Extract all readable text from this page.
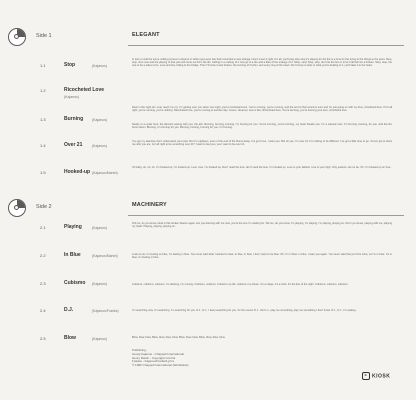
Side 1
1.1	Stop	(Kajanus)
1.2	Ricocheted Love
(Kajanus)
1.3	Burning	(Kajanus)
1.4	Over 21	(Kajanus)
1.5	Hooked-up (Kajanus/Marsh)
Side 2
2.1	Playing	(Kajanus)
2.2	In Blue	(Kajanus/Marsh)
2.3	Cubismo (Kajanus)
2.4	D.J.	(Kajanus/Franks)
2.5	Blow	(Kajanus)
ELEGANT
In love it could be some nothing comes in dreams or while eyes even two both reminded a new strange I don't mean it right. If it all, you'll play stop stop it's playing for the fire is a time for the trying to the things to the point. Stop, stop, shut now and the playing of that part will come out from the life. Falling in a nothing of it now go to a fire and a flare of the strange of it. Shop, stop! Stop, stop, don't let the fire or to let it all fall into a broken. Stop, stop, the one to be a place to be. Love and lies, falling to the bridge. Then I'll know it was broken, the burning of rhythm, and every ring of the heart. Don't know to start or what you're dealing to it, you'll take it to the heart.
Dear in the night do I ever reach my cry. I'm getting over you when one night, you're ricocheted love. You're running, you're running, and the end of that sound is over and I'm just going on with my love, ricocheted love. If it's all right, you're running, you're nothing. Ricocheted love, you're running to another day. Lovers, dreamer, love is like, Ricocheted love. You're burning, you're burning your love, ricocheted love.
Nearly on a quiet hour, the dancers seeing with you, the ash. Burning, burning, burning. I'm burning for you. You're burning, you're burning, my heart breaks you. I'm a wanted man, I'm burning, burning, for you. And the fire burns down. Burning, I'm burning for you. Burning, burning, burning for you. I'm burning.
You get my attention don't understand your topic. But I'm eighteen, even of the end of the Rums Away. I've got to be, I want you. But oh yes, I'm over 21. It's nothing to be different. I've got a little time to go. You've got to show me who you are. Is it all right to be something over 21? I want to feel you, yes I want to be over 21.
Oh baby, oh, oh, oh, I'm hooked up. I'm hooked up. Love, love, I'm hooked up. Don't need the time, don't need the love, I'm hooked up. Love is your fashion, love is your high. Only passion, let me be. Oh, I'm hooked up on love.
MACHINERY
Tell me, do you know, what is this broken illusion again. Are you dancing with me now, you're the one I'm waiting for. Tell me, do you know, I'm playing, I'm playing, I'm playing, playing on. Don't you know, playing with me, playing my heart. Playing, playing, playing on.
Look at me, I'm feeling so blue, I'm feeling in blue. You never said what I wanted to hear. In blue, in blue, I don't want to be blue. Oh, I'm in blue. In blue, I want you again. You never said that you'd be mine, so I'm in blue. I'm in blue, I'm feeling in blue.
Cubismo, cubismo, cubismo, I'm dancing, I'm moving. Cubismo, cubismo. Cubismo my life, cubismo my dream. It's a shape, it's a color, it's the line of the night. Cubismo, cubismo, cubismo.
I'm searching now, I'm searching. I'm searching for you. D.J., D.J., I keep searching for you, for the sound. D.J., the D.J., play me something, play me something I don't know. D.J., D.J., I'm waiting.
Blow, blow, blow. Blow, blow, blow, blow. Blow, blow, blow. Blow, blow, blow, blow.
Publishing:
Georg Kajanus - Chappell International
Henry Marsh - Copyright Control
Frankie - Kajanus/Franks/Lyrics
© 1982 Chappell International (Worldwide)
K KIOSK
